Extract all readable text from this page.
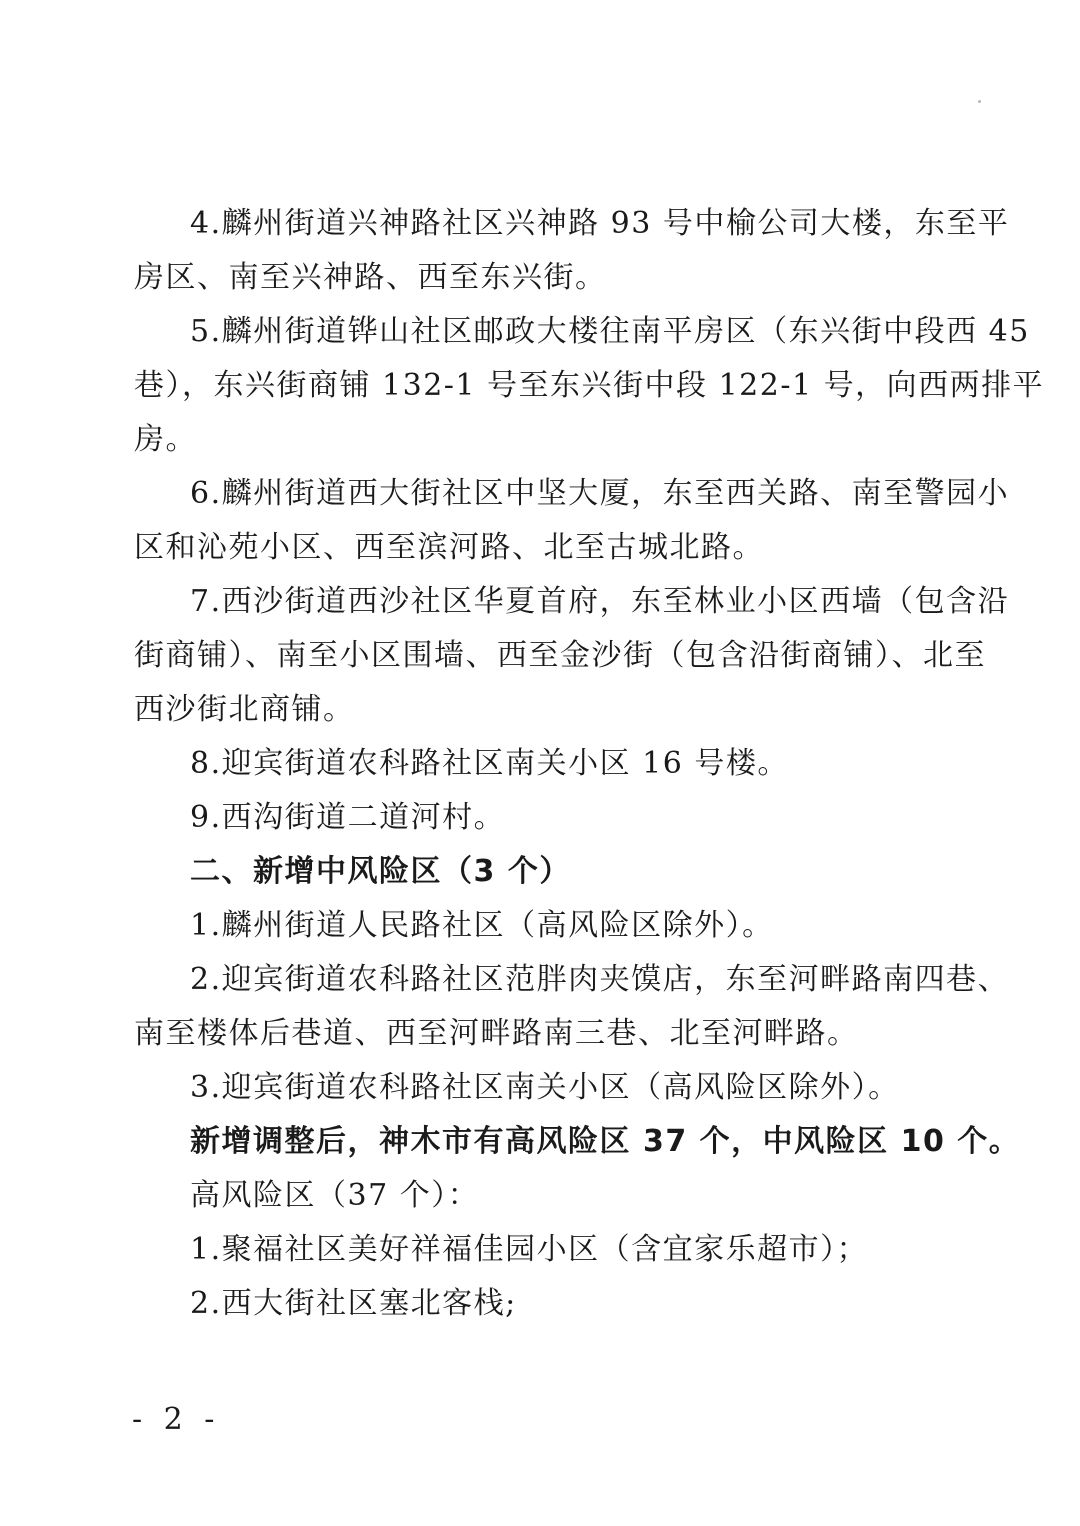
4.麟州街道兴神路社区兴神路 93 号中榆公司大楼，东至平
房区、南至兴神路、西至东兴街。
5.麟州街道铧山社区邮政大楼往南平房区（东兴街中段西 45
巷），东兴街商铺 132-1 号至东兴街中段 122-1 号，向西两排平
房。
6.麟州街道西大街社区中坚大厦，东至西关路、南至警园小
区和沁苑小区、西至滨河路、北至古城北路。
7.西沙街道西沙社区华夏首府，东至林业小区西墙（包含沿
街商铺）、南至小区围墙、西至金沙街（包含沿街商铺）、北至
西沙街北商铺。
8.迎宾街道农科路社区南关小区 16 号楼。
9.西沟街道二道河村。
二、新增中风险区（3 个）
1.麟州街道人民路社区（高风险区除外）。
2.迎宾街道农科路社区范胖肉夹馍店，东至河畔路南四巷、
南至楼体后巷道、西至河畔路南三巷、北至河畔路。
3.迎宾街道农科路社区南关小区（高风险区除外）。
新增调整后，神木市有高风险区 37 个，中风险区 10 个。
高风险区（37 个）：
1.聚福社区美好祥福佳园小区（含宜家乐超市）；
2.西大街社区塞北客栈;
- 2 -
